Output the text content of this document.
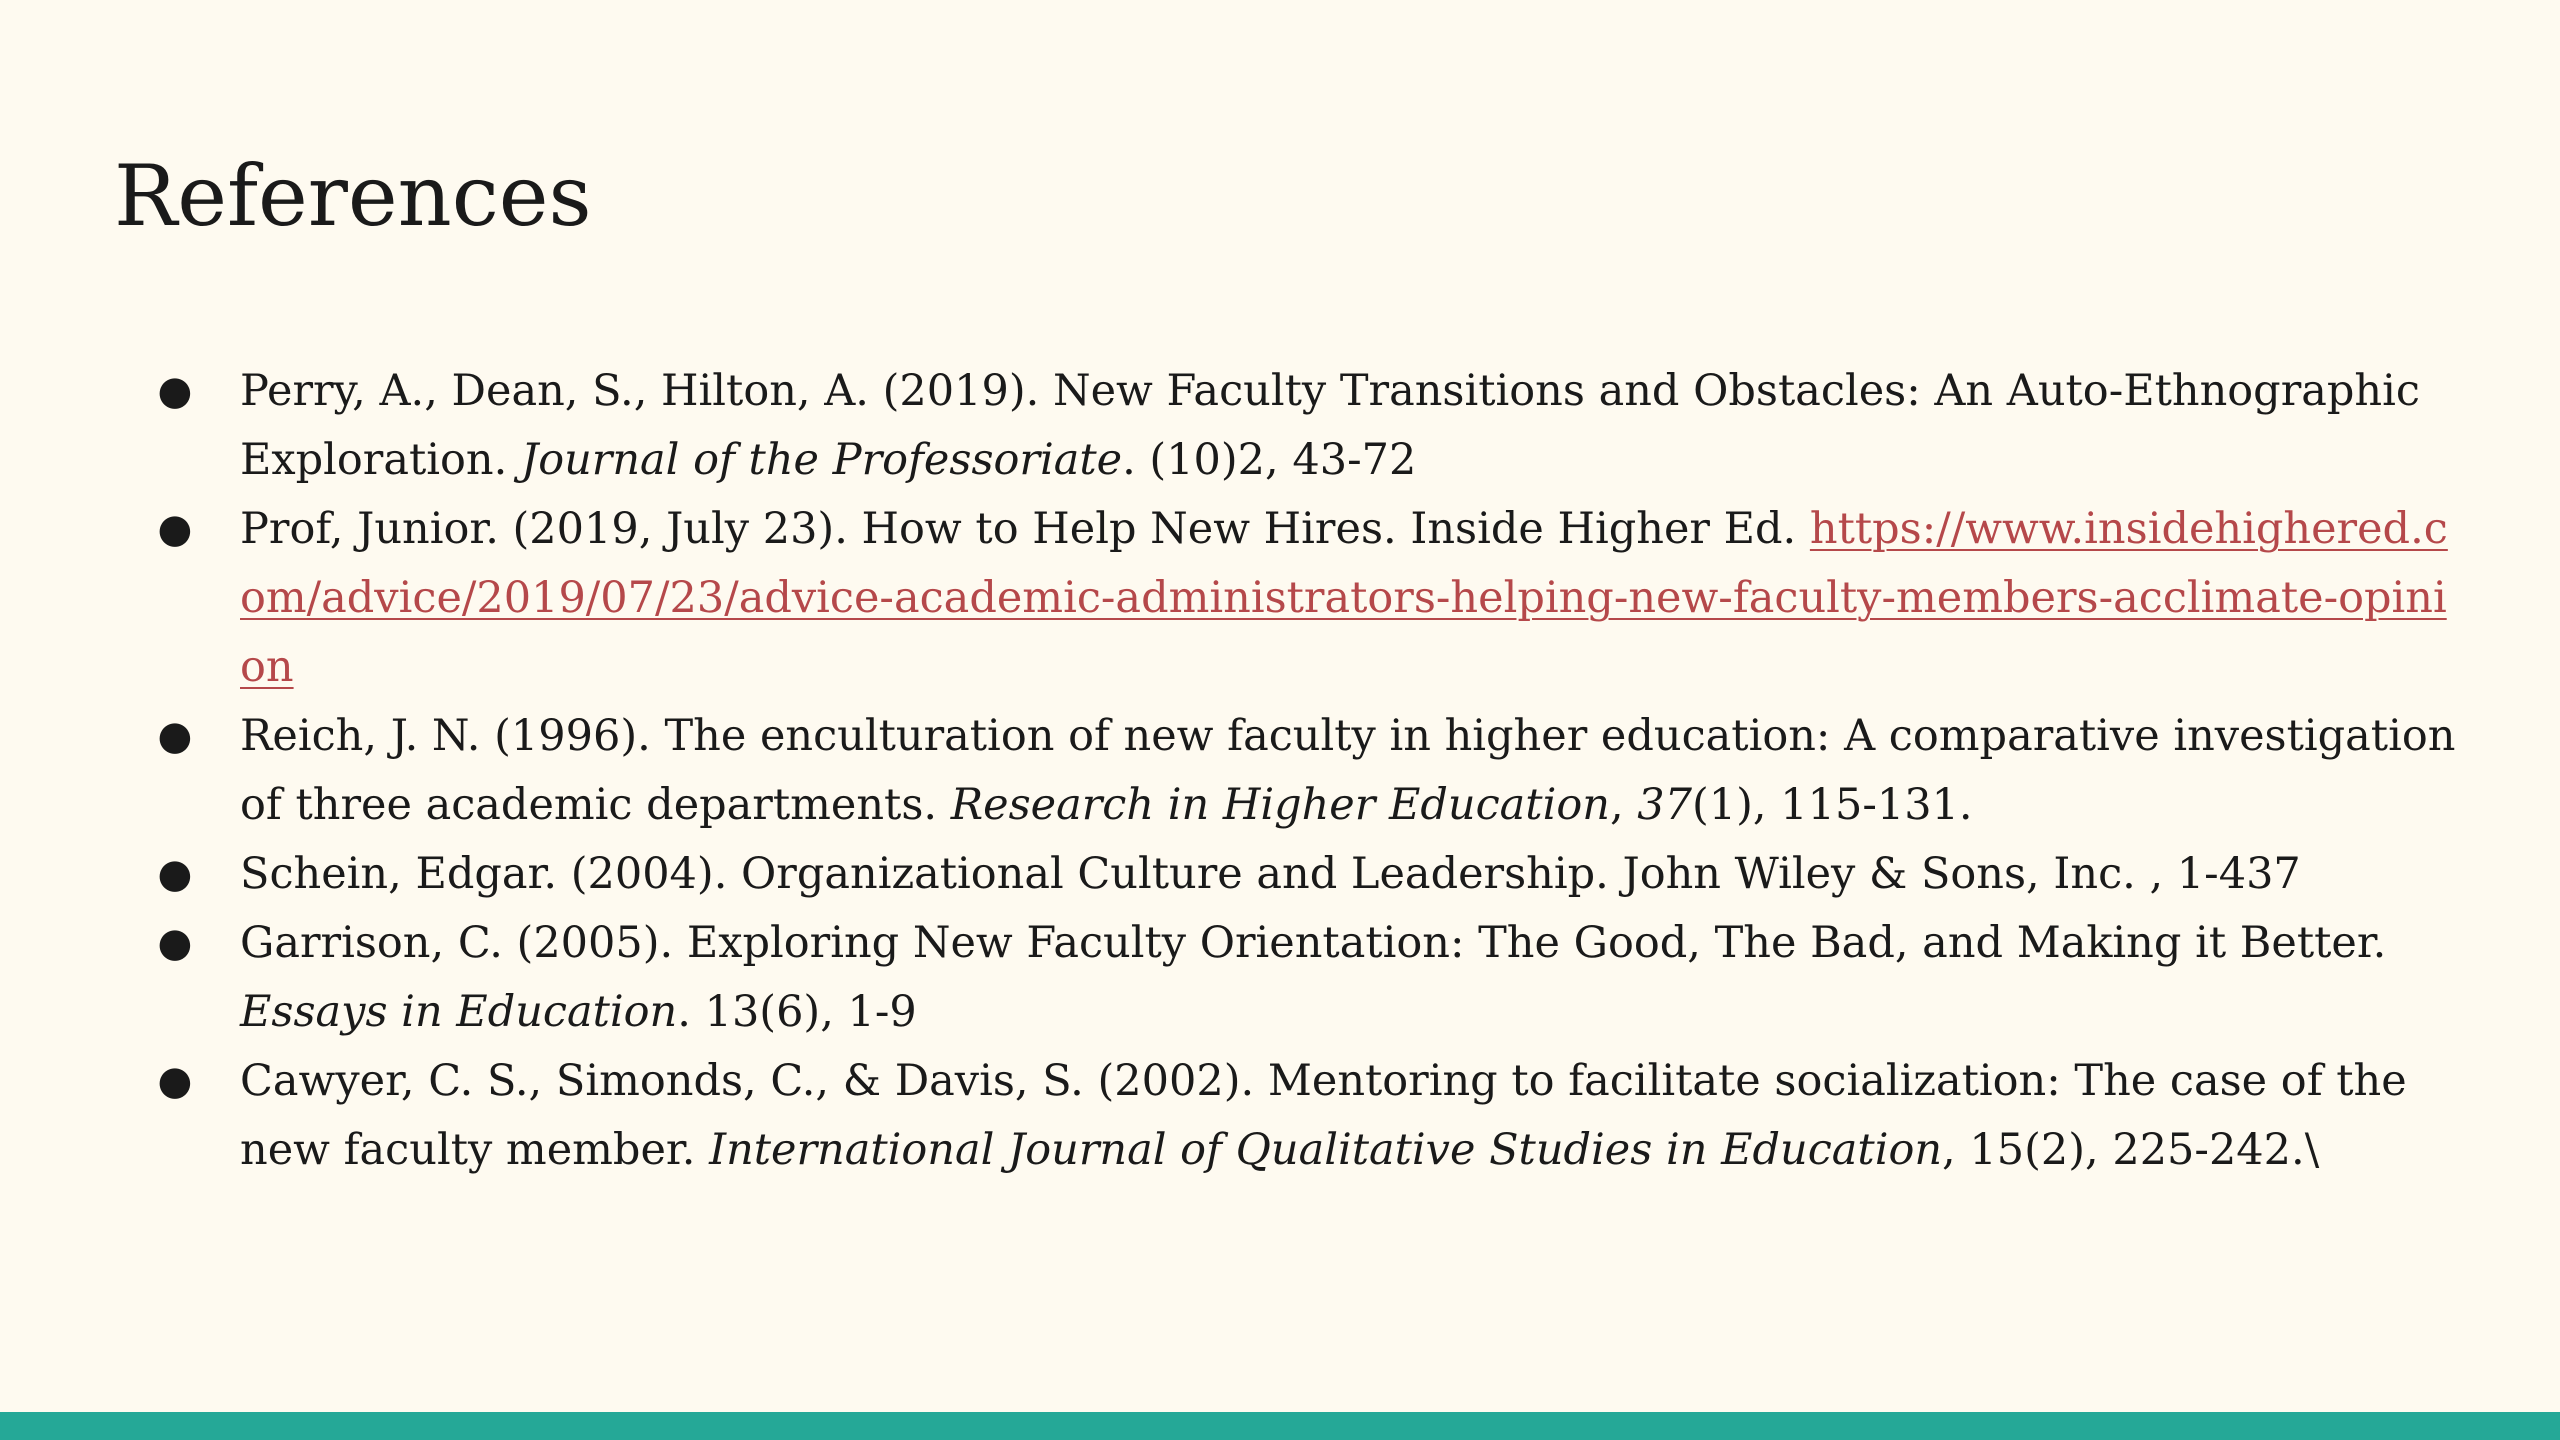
References
● Perry, A., Dean, S., Hilton, A. (2019). New Faculty Transitions and Obstacles: An Auto-Ethnographic Exploration. Journal of the Professoriate. (10)2, 43-72
● Prof, Junior. (2019, July 23). How to Help New Hires. Inside Higher Ed. https://www.insidehighered.com/advice/2019/07/23/advice-academic-administrators-helping-new-faculty-members-acclimate-opinion
● Reich, J. N. (1996). The enculturation of new faculty in higher education: A comparative investigation of three academic departments. Research in Higher Education, 37(1), 115-131.
● Schein, Edgar. (2004). Organizational Culture and Leadership. John Wiley & Sons, Inc. , 1-437
● Garrison, C. (2005). Exploring New Faculty Orientation: The Good, The Bad, and Making it Better. Essays in Education. 13(6), 1-9
● Cawyer, C. S., Simonds, C., & Davis, S. (2002). Mentoring to facilitate socialization: The case of the new faculty member. International Journal of Qualitative Studies in Education, 15(2), 225-242.\
